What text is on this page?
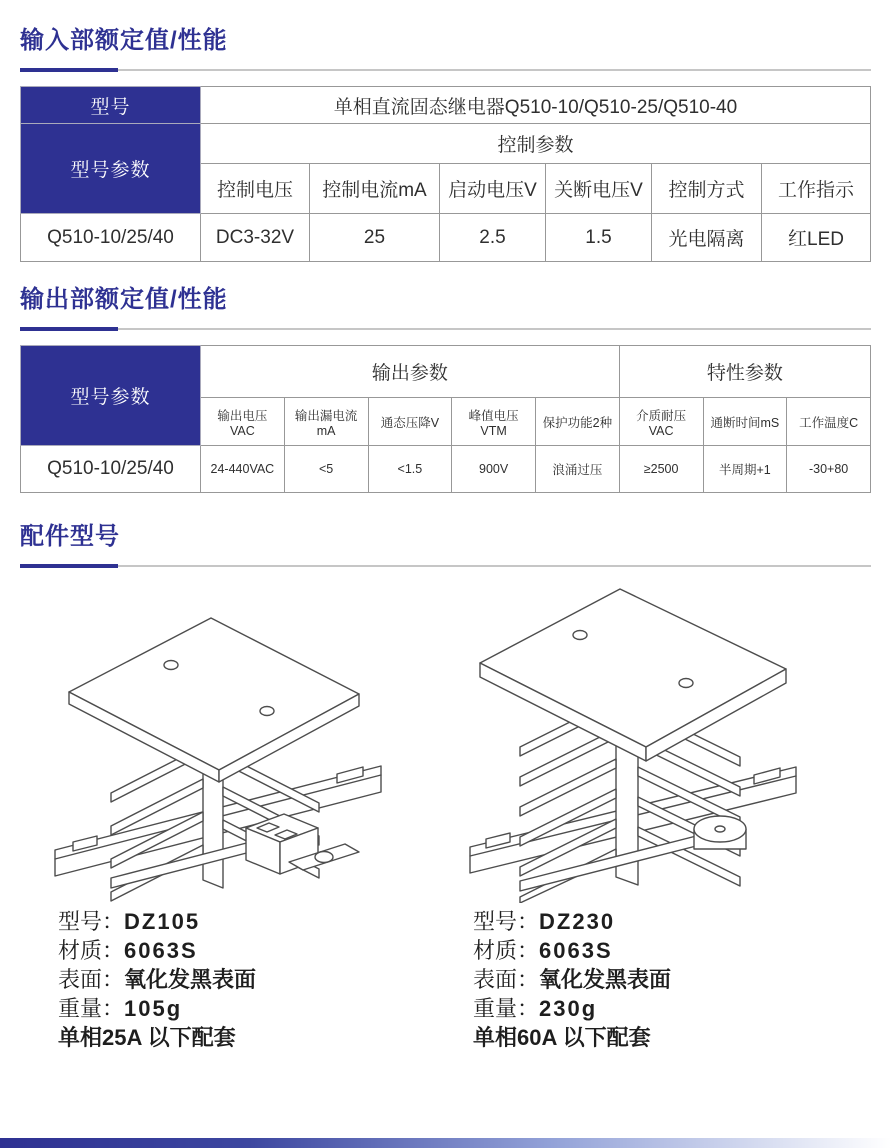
输入部额定值/性能
型号	单相直流固态继电器Q510-10/Q510-25/Q510-40					
型号参数	控制参数					
	控制电压	控制电流mA	启动电压V	关断电压V	控制方式	工作指示
Q510-10/25/40	DC3-32V	25	2.5	1.5	光电隔离	红LED
输出部额定值/性能
型号参数	输出参数					特性参数		
	输出电压VAC	输出漏电流mA	通态压降V	峰值电压VTM	保护功能2种	介质耐压VAC	通断时间mS	工作温度C
Q510-10/25/40	24-440VAC	<5	<1.5	900V	浪涌过压	≥2500	半周期+1	-30+80
配件型号
型号：DZ105
材质：6063S
表面：氧化发黑表面
重量：105g
单相25A 以下配套
型号：DZ230
材质：6063S
表面：氧化发黑表面
重量：230g
单相60A 以下配套
